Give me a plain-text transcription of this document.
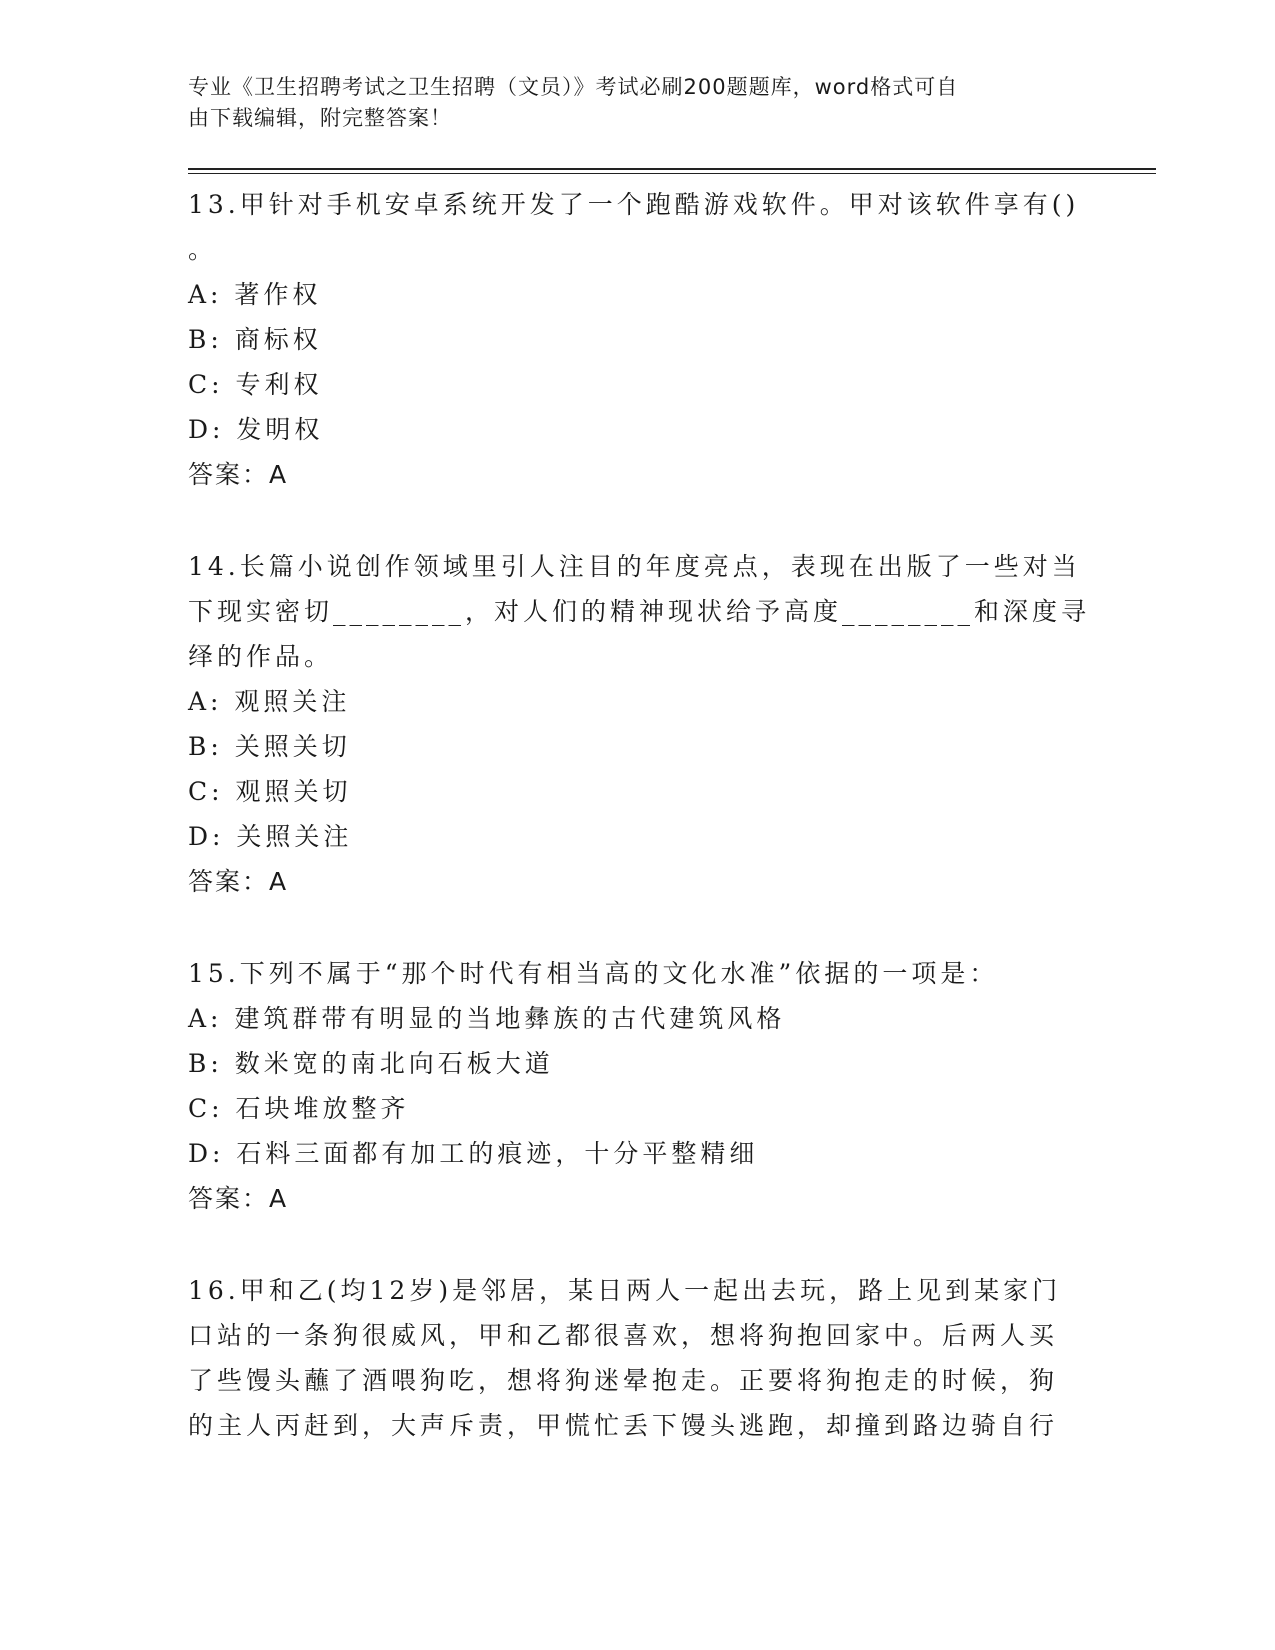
专业《卫生招聘考试之卫生招聘（文员）》考试必刷200题题库，word格式可自
由下载编辑，附完整答案！
13.甲针对手机安卓系统开发了一个跑酷游戏软件。甲对该软件享有()
。
A: 著作权
B: 商标权
C: 专利权
D: 发明权
答案：A
14.长篇小说创作领域里引人注目的年度亮点，表现在出版了一些对当
下现实密切________，对人们的精神现状给予高度________和深度寻
绎的作品。
A: 观照关注
B: 关照关切
C: 观照关切
D: 关照关注
答案：A
15.下列不属于“那个时代有相当高的文化水准”依据的一项是：
A: 建筑群带有明显的当地彝族的古代建筑风格
B: 数米宽的南北向石板大道
C: 石块堆放整齐
D: 石料三面都有加工的痕迹，十分平整精细
答案：A
16.甲和乙(均12岁)是邻居，某日两人一起出去玩，路上见到某家门
口站的一条狗很威风，甲和乙都很喜欢，想将狗抱回家中。后两人买
了些馒头蘸了酒喂狗吃，想将狗迷晕抱走。正要将狗抱走的时候，狗
的主人丙赶到，大声斥责，甲慌忙丢下馒头逃跑，却撞到路边骑自行
